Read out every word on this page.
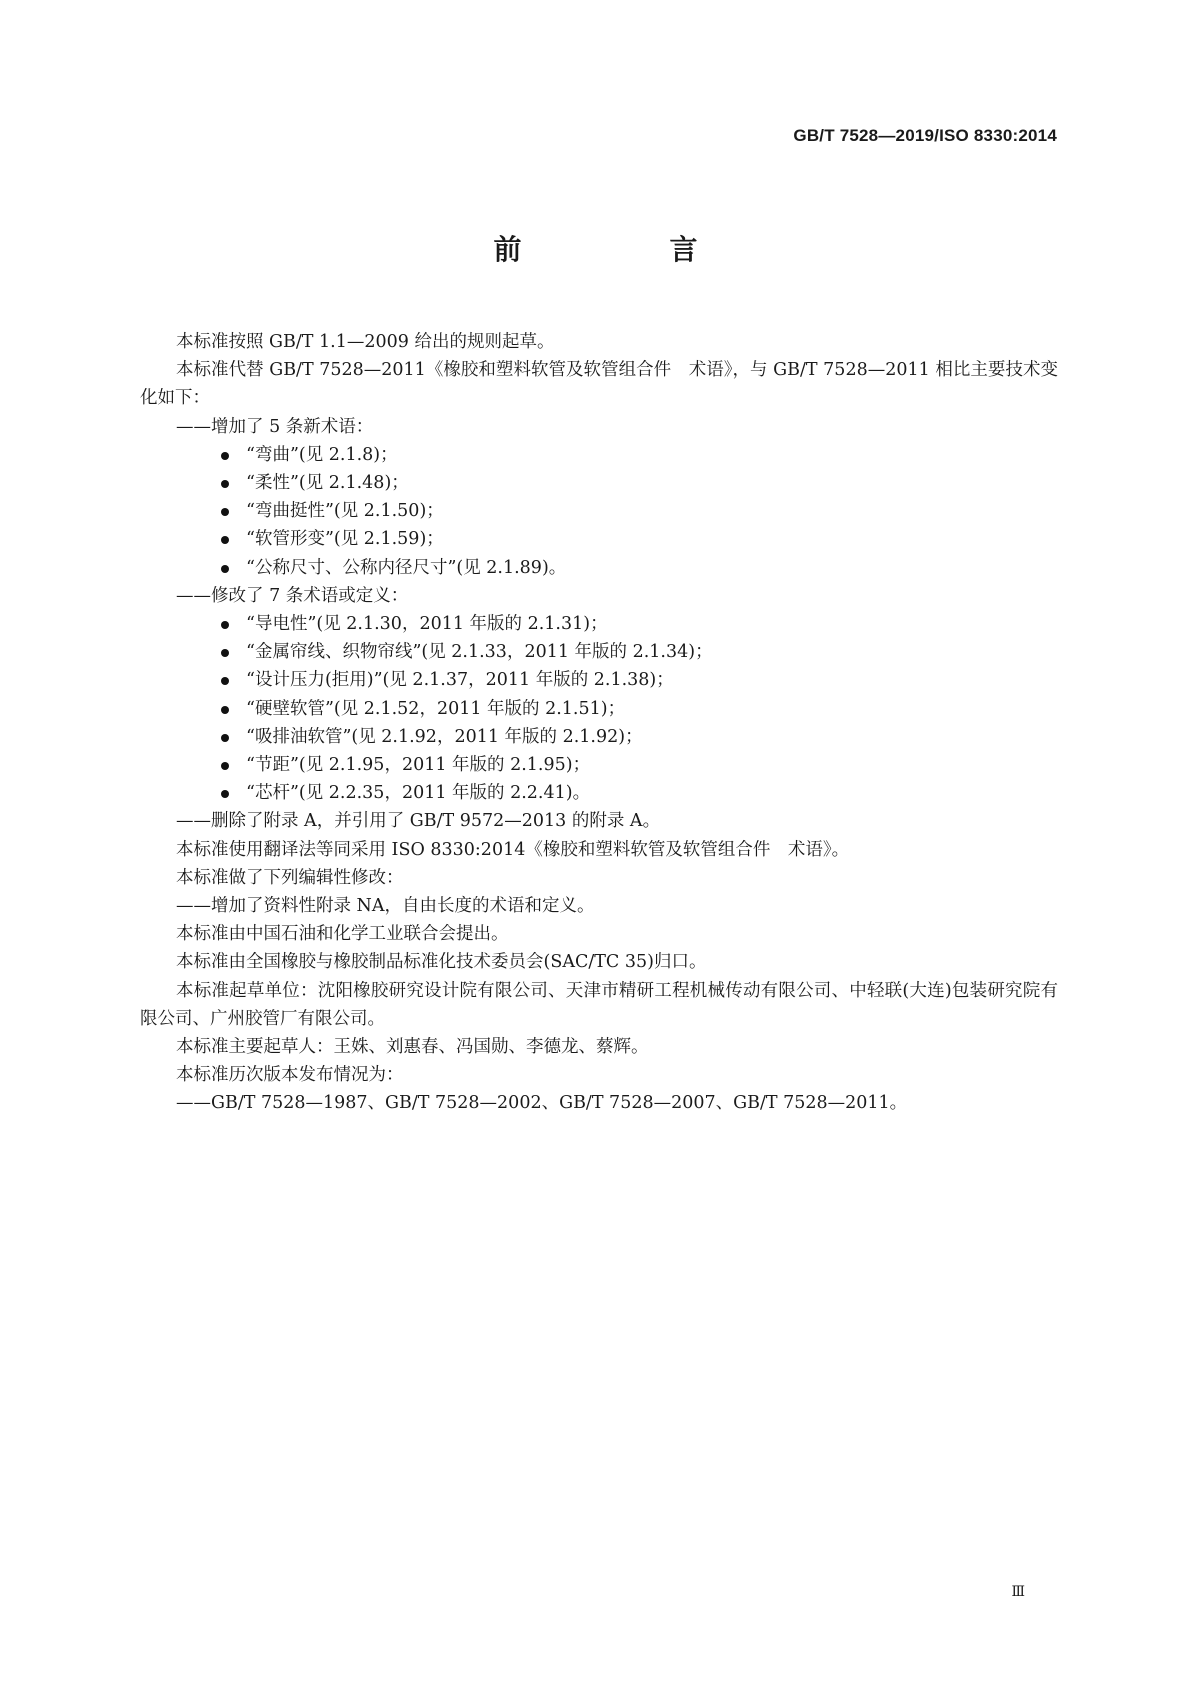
GB/T 7528—2019/ISO 8330:2014
前　言

本标准按照 GB/T 1.1—2009 给出的规则起草。

本标准代替 GB/T 7528—2011《橡胶和塑料软管及软管组合件　术语》，与 GB/T 7528—2011 相比主要技术变化如下：

——增加了 5 条新术语：

“弯曲”(见 2.1.8)；
“柔性”(见 2.1.48)；
“弯曲挺性”(见 2.1.50)；
“软管形变”(见 2.1.59)；
“公称尺寸、公称内径尺寸”(见 2.1.89)。

——修改了 7 条术语或定义：

“导电性”(见 2.1.30，2011 年版的 2.1.31)；
“金属帘线、织物帘线”(见 2.1.33，2011 年版的 2.1.34)；
“设计压力(拒用)”(见 2.1.37，2011 年版的 2.1.38)；
“硬壁软管”(见 2.1.52，2011 年版的 2.1.51)；
“吸排油软管”(见 2.1.92，2011 年版的 2.1.92)；
“节距”(见 2.1.95，2011 年版的 2.1.95)；
“芯杆”(见 2.2.35，2011 年版的 2.2.41)。

——删除了附录 A，并引用了 GB/T 9572—2013 的附录 A。

本标准使用翻译法等同采用 ISO 8330:2014《橡胶和塑料软管及软管组合件　术语》。

本标准做了下列编辑性修改：

——增加了资料性附录 NA，自由长度的术语和定义。

本标准由中国石油和化学工业联合会提出。

本标准由全国橡胶与橡胶制品标准化技术委员会(SAC/TC 35)归口。

本标准起草单位：沈阳橡胶研究设计院有限公司、天津市精研工程机械传动有限公司、中轻联(大连)包装研究院有限公司、广州胶管厂有限公司。

本标准主要起草人：王姝、刘惠春、冯国勋、李德龙、蔡辉。

本标准历次版本发布情况为：

——GB/T 7528—1987、GB/T 7528—2002、GB/T 7528—2007、GB/T 7528—2011。

Ⅲ
